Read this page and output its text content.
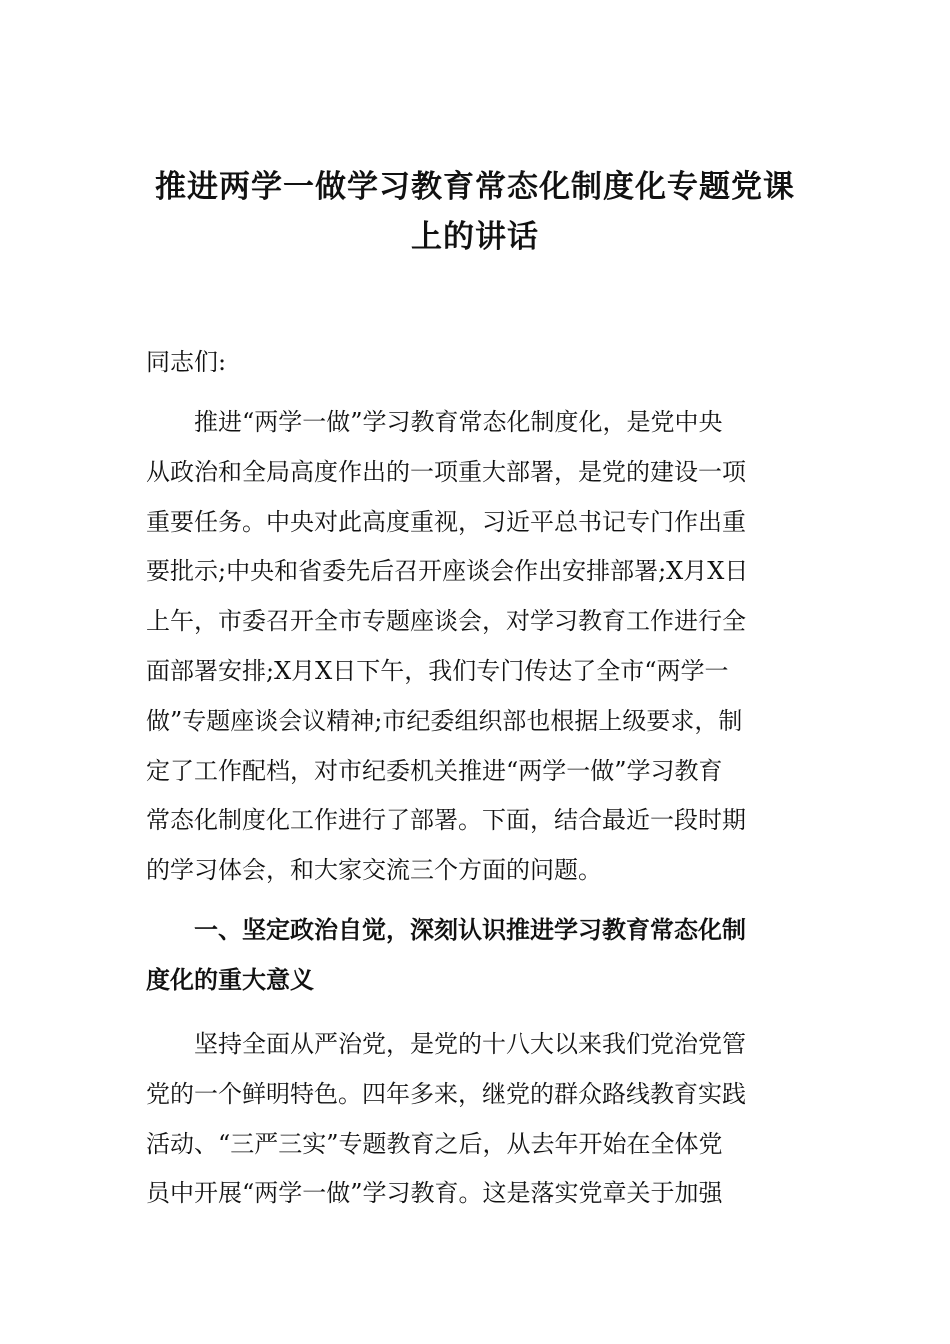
推进两学一做学习教育常态化制度化专题党课
上的讲话
同志们:
　　推进“两学一做”学习教育常态化制度化，是党中央
从政治和全局高度作出的一项重大部署，是党的建设一项
重要任务。中央对此高度重视，习近平总书记专门作出重
要批示;中央和省委先后召开座谈会作出安排部署;X月X日
上午，市委召开全市专题座谈会，对学习教育工作进行全
面部署安排;X月X日下午，我们专门传达了全市“两学一
做”专题座谈会议精神;市纪委组织部也根据上级要求，制
定了工作配档，对市纪委机关推进“两学一做”学习教育
常态化制度化工作进行了部署。下面，结合最近一段时期
的学习体会，和大家交流三个方面的问题。
　　一、坚定政治自觉，深刻认识推进学习教育常态化制
度化的重大意义
　　坚持全面从严治党，是党的十八大以来我们党治党管
党的一个鲜明特色。四年多来，继党的群众路线教育实践
活动、“三严三实”专题教育之后，从去年开始在全体党
员中开展“两学一做”学习教育。这是落实党章关于加强
